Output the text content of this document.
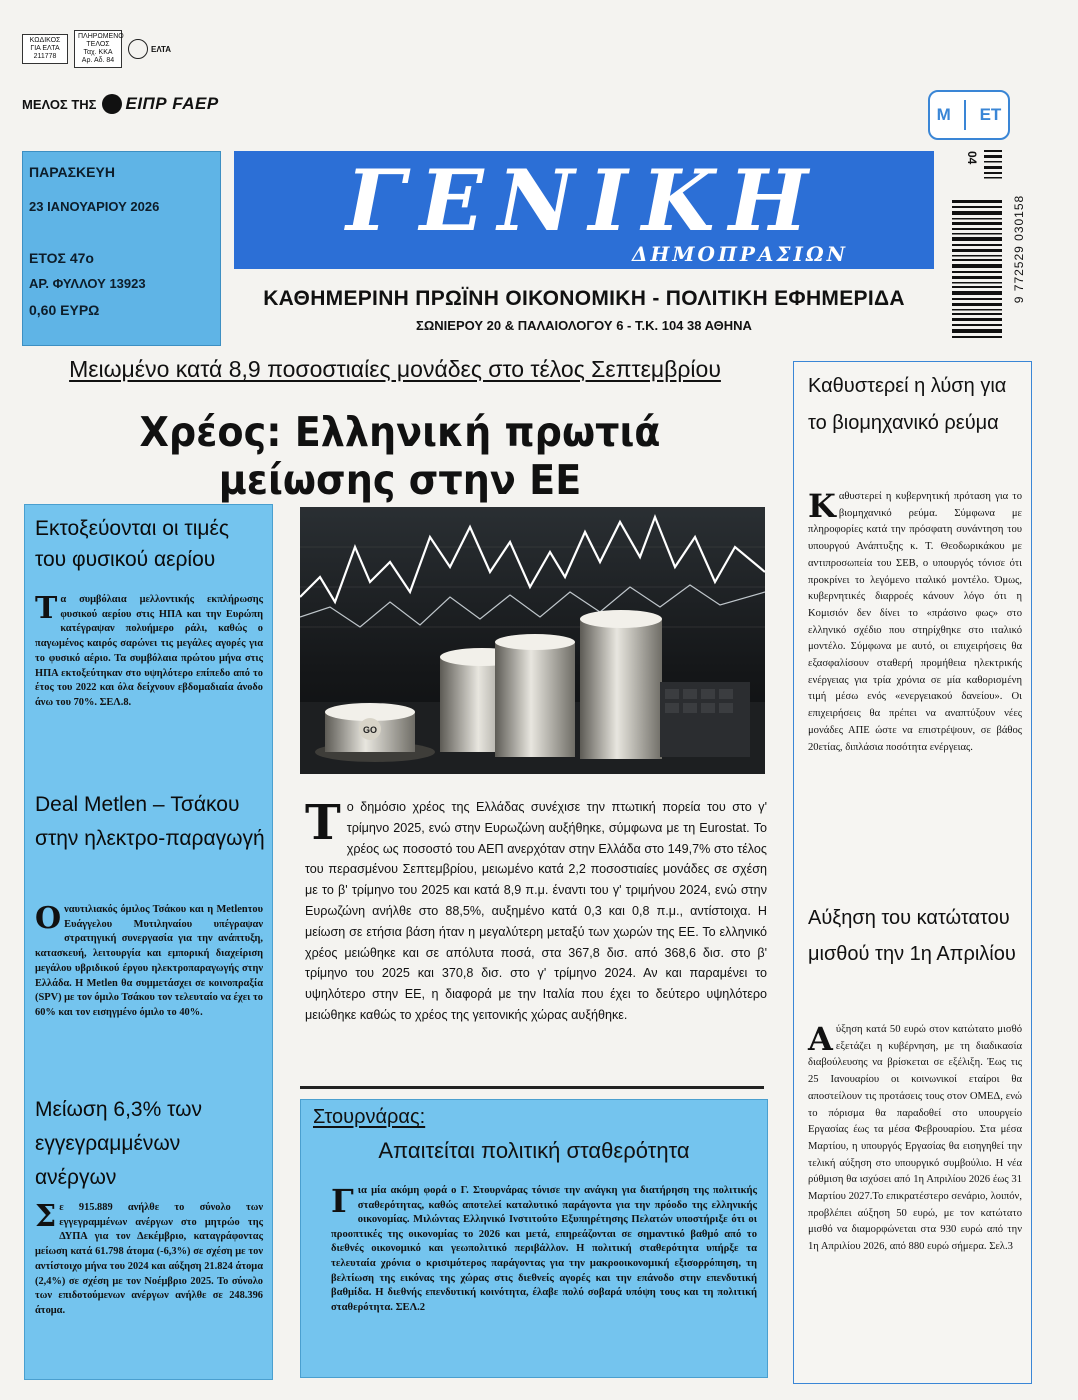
ΚΩΔΙΚΟΣ
ΓΙΑ ΕΛΤΑ
211778
ΠΛΗΡΩΜΕΝΟ
ΤΕΛΟΣ
Ταχ. ΚΚΑ
Αρ. Αδ. 84
ΕΛΤΑ
ΜΕΛΟΣ ΤΗΣ ΕΙΠΡ FAEP
ΠΑΡΑΣΚΕΥΗ
23 ΙΑΝΟΥΑΡΙΟΥ 2026
ΕΤΟΣ 47ο
ΑΡ. ΦΥΛΛΟΥ 13923
0,60 ΕΥΡΩ
ΓΕΝΙΚΗ
ΔΗΜΟΠΡΑΣΙΩΝ
ΚΑΘΗΜΕΡΙΝΗ ΠΡΩΪΝΗ ΟΙΚΟΝΟΜΙΚΗ - ΠΟΛΙΤΙΚΗ ΕΦΗΜΕΡΙΔΑ
ΣΩΝΙΕΡΟΥ 20 & ΠΑΛΑΙΟΛΟΓΟΥ 6 - Τ.Κ. 104 38 ΑΘΗΝΑ
Μ ΕΤ
04
9 772529 030158
Μειωμένο κατά 8,9 ποσοστιαίες μονάδες στο τέλος Σεπτεμβρίου
Χρέος: Ελληνική πρωτιά μείωσης στην ΕΕ
Εκτοξεύονται οι τιμές του φυσικού αερίου
Τα συμβόλαια μελλοντικής εκπλήρωσης φυσικού αερίου στις ΗΠΑ και την Ευρώπη κατέγραψαν πολυήμερο ράλι, καθώς ο παγωμένος καιρός σαρώνει τις μεγάλες αγορές για το φυσικό αέριο. Τα συμβόλαια πρώτου μήνα στις ΗΠΑ εκτοξεύτηκαν στο υψηλότερο επίπεδο από το έτος του 2022 και όλα δείχνουν εβδομαδιαία άνοδο άνω του 70%. ΣΕΛ.8.
Deal Metlen – Τσάκου στην ηλεκτρο-παραγωγή
Ο ναυτιλιακός όμιλος Τσάκου και η Metlenτου Ευάγγελου Μυτιληναίου υπέγραψαν στρατηγική συνεργασία για την ανάπτυξη, κατασκευή, λειτουργία και εμπορική διαχείριση μεγάλου υβριδικού έργου ηλεκτροπαραγωγής στην Ελλάδα. Η Metlen θα συμμετάσχει σε κοινοπραξία (SPV) με τον όμιλο Τσάκου τον τελευταίο να έχει το 60% και τον εισηγμένο όμιλο το 40%.
Μείωση 6,3% των εγγεγραμμένων ανέργων
Σε 915.889 ανήλθε το σύνολο των εγγεγραμμένων ανέργων στο μητρώο της ΔΥΠΑ για τον Δεκέμβριο, καταγράφοντας μείωση κατά 61.798 άτομα (-6,3%) σε σχέση με τον αντίστοιχο μήνα του 2024 και αύξηση 21.824 άτομα (2,4%) σε σχέση με τον Νοέμβριο 2025. Το σύνολο των επιδοτούμενων ανέργων ανήλθε σε 248.396 άτομα.
GO
Το δημόσιο χρέος της Ελλάδας συνέχισε την πτωτική πορεία του στο γ' τρίμηνο 2025, ενώ στην Ευρωζώνη αυξήθηκε, σύμφωνα με τη Eurostat. Το χρέος ως ποσοστό του ΑΕΠ ανερχόταν στην Ελλάδα στο 149,7% στο τέλος του περασμένου Σεπτεμβρίου, μειωμένο κατά 2,2 ποσοστιαίες μονάδες σε σχέση με το β' τρίμηνο του 2025 και κατά 8,9 π.μ. έναντι του γ' τριμήνου 2024, ενώ στην Ευρωζώνη ανήλθε στο 88,5%, αυξημένο κατά 0,3 και 0,8 π.μ., αντίστοιχα. Η μείωση σε ετήσια βάση ήταν η μεγαλύτερη μεταξύ των χωρών της ΕΕ. Το ελληνικό χρέος μειώθηκε και σε απόλυτα ποσά, στα 367,8 δισ. από 368,6 δισ. στο β' τρίμηνο του 2025 και 370,8 δισ. στο γ' τρίμηνο 2024. Αν και παραμένει το υψηλότερο στην ΕΕ, η διαφορά με την Ιταλία που έχει το δεύτερο υψηλότερο μειώθηκε καθώς το χρέος της γειτονικής χώρας αυξήθηκε.
Στουρνάρας:
Απαιτείται πολιτική σταθερότητα
Για μία ακόμη φορά ο Γ. Στουρνάρας τόνισε την ανάγκη για διατήρηση της πολιτικής σταθερότητας, καθώς αποτελεί καταλυτικό παράγοντα για την πρόοδο της ελληνικής οικονομίας. Μιλώντας Ελληνικό Ινστιτούτο Εξυπηρέτησης Πελατών υποστήριξε ότι οι προοπτικές της οικονομίας το 2026 και μετά, επηρεάζονται σε σημαντικό βαθμό από το διεθνές οικονομικό και γεωπολιτικό περιβάλλον. Η πολιτική σταθερότητα υπήρξε τα τελευταία χρόνια ο κρισιμότερος παράγοντας για την μακροοικονομική εξισορρόπηση, τη βελτίωση της εικόνας της χώρας στις διεθνείς αγορές και την επάνοδο στην επενδυτική βαθμίδα. Η διεθνής επενδυτική κοινότητα, έλαβε πολύ σοβαρά υπόψη τους και τη πολιτική σταθερότητα. ΣΕΛ.2
Καθυστερεί η λύση για το βιομηχανικό ρεύμα
Καθυστερεί η κυβερνητική πρόταση για το βιομηχανικό ρεύμα. Σύμφωνα με πληροφορίες κατά την πρόσφατη συνάντηση του υπουργού Ανάπτυξης κ. Τ. Θεοδωρικάκου με αντιπροσωπεία του ΣΕΒ, ο υπουργός τόνισε ότι προκρίνει το λεγόμενο ιταλικό μοντέλο. Όμως, κυβερνητικές διαρροές κάνουν λόγο ότι η Κομισιόν δεν δίνει το «πράσινο φως» στο ελληνικό σχέδιο που στηρίχθηκε στο ιταλικό μοντέλο. Σύμφωνα με αυτό, οι επιχειρήσεις θα εξασφαλίσουν σταθερή προμήθεια ηλεκτρικής ενέργειας για τρία χρόνια σε μία καθορισμένη τιμή μέσω ενός «ενεργειακού δανείου». Οι επιχειρήσεις θα πρέπει να αναπτύξουν νέες μονάδες ΑΠΕ ώστε να επιστρέψουν, σε βάθος 20ετίας, διπλάσια ποσότητα ενέργειας.
Αύξηση του κατώτατου μισθού την 1η Απριλίου
Αύξηση κατά 50 ευρώ στον κατώτατο μισθό εξετάζει η κυβέρνηση, με τη διαδικασία διαβούλευσης να βρίσκεται σε εξέλιξη. Έως τις 25 Ιανουαρίου οι κοινωνικοί εταίροι θα αποστείλουν τις προτάσεις τους στον ΟΜΕΔ, ενώ το πόρισμα θα παραδοθεί στο υπουργείο Εργασίας έως τα μέσα Φεβρουαρίου. Στα μέσα Μαρτίου, η υπουργός Εργασίας θα εισηγηθεί την τελική αύξηση στο υπουργικό συμβούλιο. Η νέα ρύθμιση θα ισχύσει από 1η Απριλίου 2026 έως 31 Μαρτίου 2027.Το επικρατέστερο σενάριο, λοιπόν, προβλέπει αύξηση 50 ευρώ, με τον κατώτατο μισθό να διαμορφώνεται στα 930 ευρώ από την 1η Απριλίου 2026, από 880 ευρώ σήμερα. Σελ.3
